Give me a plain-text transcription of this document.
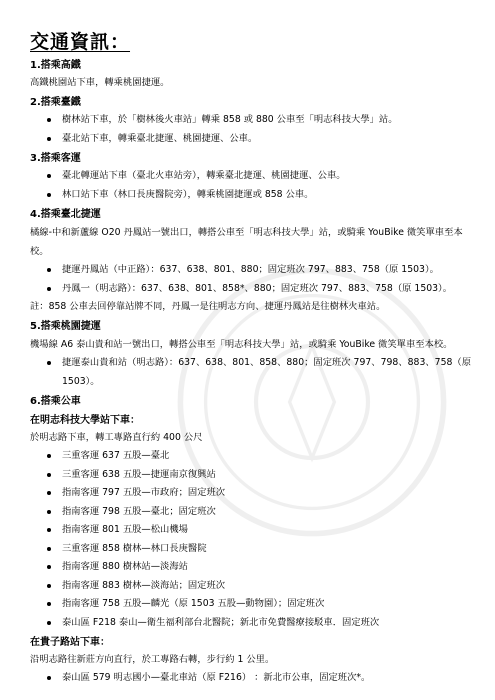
交通資訊：
1.搭乘高鐵
高鐵桃園站下車，轉乘桃園捷運。
2.搭乘臺鐵
樹林站下車，於「樹林後火車站」轉乘 858 或 880 公車至「明志科技大學」站。
臺北站下車，轉乘臺北捷運、桃園捷運、公車。
3.搭乘客運
臺北轉運站下車（臺北火車站旁），轉乘臺北捷運、桃園捷運、公車。
林口站下車（林口長庚醫院旁），轉乘桃園捷運或 858 公車。
4.搭乘臺北捷運
橘線-中和新蘆線 O20 丹鳳站一號出口，轉搭公車至「明志科技大學」站，或騎乘 YouBike 微笑單車至本校。
捷運丹鳳站（中正路）：637、638、801、880；固定班次 797、883、758（原 1503）。
丹鳳一（明志路）：637、638、801、858*、880；固定班次 797、883、758（原 1503）。
註：858 公車去回停靠站牌不同，丹鳳一是往明志方向、捷運丹鳳站是往樹林火車站。
5.搭乘桃園捷運
機場線 A6 泰山貴和站一號出口，轉搭公車至「明志科技大學」站，或騎乘 YouBike 微笑單車至本校。
捷運泰山貴和站（明志路）：637、638、801、858、880；固定班次 797、798、883、758（原 1503）。
6.搭乘公車
在明志科技大學站下車：
於明志路下車，轉工專路直行約 400 公尺
三重客運 637 五股—臺北
三重客運 638 五股—捷運南京復興站
指南客運 797 五股—市政府；固定班次
指南客運 798 五股—臺北；固定班次
指南客運 801 五股—松山機場
三重客運 858 樹林—林口長庚醫院
指南客運 880 樹林站—淡海站
指南客運 883 樹林—淡海站；固定班次
指南客運 758 五股—麟光（原 1503 五股—動物園）；固定班次
泰山區 F218 泰山—衛生福利部台北醫院；新北市免費醫療接駁車．固定班次
在貴子路站下車：
沿明志路往新莊方向直行，於工專路右轉，步行約 1 公里。
泰山區 579 明志國小—臺北車站（原 F216） ：新北市公車，固定班次*。
